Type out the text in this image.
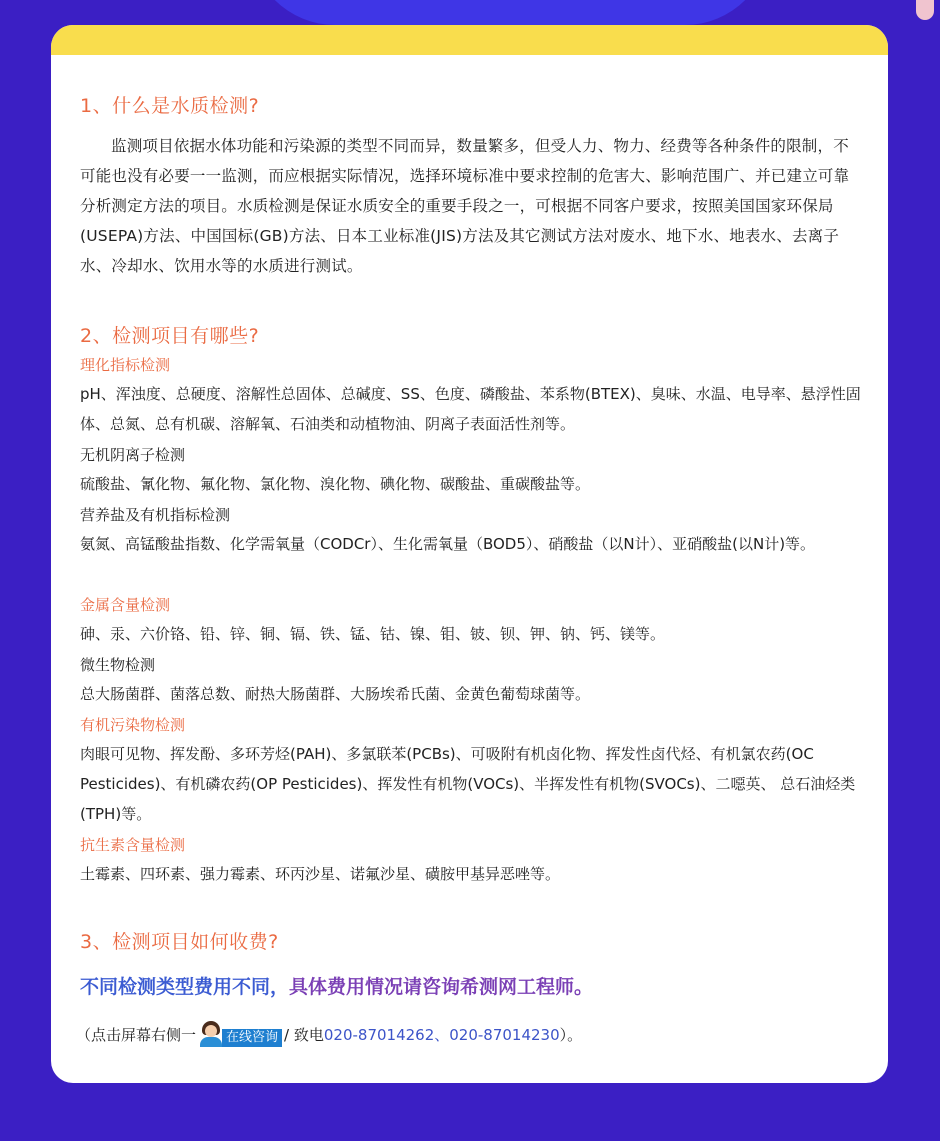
1、什么是水质检测?
监测项目依据水体功能和污染源的类型不同而异，数量繁多，但受人力、物力、经费等各种条件的限制，不可能也没有必要一一监测，而应根据实际情况，选择环境标准中要求控制的危害大、影响范围广、并已建立可靠分析测定方法的项目。水质检测是保证水质安全的重要手段之一，可根据不同客户要求，按照美国国家环保局(USEPA)方法、中国国标(GB)方法、日本工业标准(JIS)方法及其它测试方法对废水、地下水、地表水、去离子水、冷却水、饮用水等的水质进行测试。
2、检测项目有哪些?
理化指标检测
pH、浑浊度、总硬度、溶解性总固体、总碱度、SS、色度、磷酸盐、苯系物(BTEX)、臭味、水温、电导率、悬浮性固体、总氮、总有机碳、溶解氧、石油类和动植物油、阴离子表面活性剂等。
无机阴离子检测
硫酸盐、氰化物、氟化物、氯化物、溴化物、碘化物、碳酸盐、重碳酸盐等。
营养盐及有机指标检测
氨氮、高锰酸盐指数、化学需氧量（CODCr）、生化需氧量（BOD5）、硝酸盐（以N计）、亚硝酸盐(以N计)等。
金属含量检测
砷、汞、六价铬、铅、锌、铜、镉、铁、锰、钴、镍、钼、铍、钡、钾、钠、钙、镁等。
微生物检测
总大肠菌群、菌落总数、耐热大肠菌群、大肠埃希氏菌、金黄色葡萄球菌等。
有机污染物检测
肉眼可见物、挥发酚、多环芳烃(PAH)、多氯联苯(PCBs)、可吸附有机卤化物、挥发性卤代烃、有机氯农药(OC Pesticides)、有机磷农药(OP Pesticides)、挥发性有机物(VOCs)、半挥发性有机物(SVOCs)、二噁英、 总石油烃类(TPH)等。
抗生素含量检测
土霉素、四环素、强力霉素、环丙沙星、诺氟沙星、磺胺甲基异恶唑等。
3、检测项目如何收费?
不同检测类型费用不同，具体费用情况请咨询希测网工程师。
（点击屏幕右侧一	在线咨询 / 致电 020-87014262、020-87014230 ）。
